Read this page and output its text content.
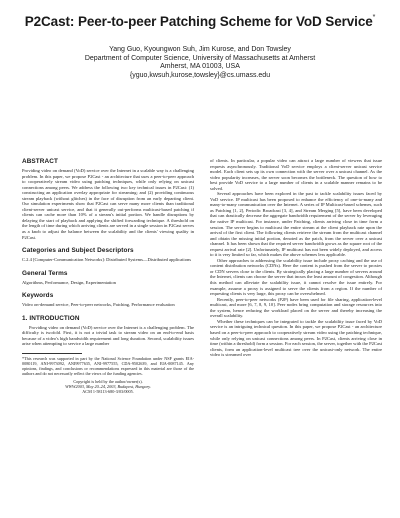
P2Cast: Peer-to-peer Patching Scheme for VoD Service*
Yang Guo, Kyoungwon Suh, Jim Kurose, and Don Towsley
Department of Computer Science, University of Massachusetts at Amherst
Amherst, MA 01003, USA
{yguo,kwsuh,kurose,towsley}@cs.umass.edu

ABSTRACT

Providing video on demand (VoD) service over the Internet in a scalable way is a challenging problem. In this paper, we propose P2Cast - an architecture that uses a peer-to-peer approach to cooperatively stream video using patching techniques, while only relying on unicast connections among peers. We address the following two key technical issues in P2Cast: (1) constructing an application overlay appropriate for streaming; and (2) providing continuous stream playback (without glitches) in the face of disruption from an early departing client. Our simulation experiments show that P2Cast can serve many more clients than traditional client-server unicast service, and that it generally out-performs multicast-based patching if clients can cache more than 10% of a stream's initial portion. We handle disruptions by delaying the start of playback and applying the shifted forwarding technique. A threshold on the length of time during which arriving clients are served in a single session in P2Cast serves as a knob to adjust the balance between the scalability and the clients' viewing quality in P2Cast.

Categories and Subject Descriptors

C.2.4 [Computer-Communication Networks]: Distributed Systems—Distributed applications

General Terms

Algorithms, Performance, Design, Experimentation

Keywords

Video on-demand service, Peer-to-peer networks, Patching, Performance evaluation

1. INTRODUCTION

Providing video on demand (VoD) service over the Internet is a challenging problem. The difficulty is twofold. First, it is not a trivial task to stream video on an end-to-end basis because of a video's high bandwidth requirement and long duration. Second, scalability issues arise when attempting to service a large number

*This research was supported in part by the National Science Foundation under NSF grants EIA-0080119, ANI-9973092, ANI9977635, ANI-9977555, CDA-9502639, and EIA-0087145. Any opinions, findings, and conclusions or recommendations expressed in this material are those of the authors and do not necessarily reflect the views of the funding agencies.

Copyright is held by the author/owner(s).

WWW2003, May 20–24, 2003, Budapest, Hungary.

ACM 1-58113-680-3/03/0005.

of clients. In particular, a popular video can attract a large number of viewers that issue requests asynchronously. Traditional VoD service employs a client-server unicast service model. Each client sets up its own connection with the server over a unicast channel. As the video popularity increases, the server soon becomes the bottleneck. The question of how to best provide VoD service to a large number of clients in a scalable manner remains to be solved.

Several approaches have been explored in the past to tackle scalability issues faced by VoD service. IP multicast has been proposed to enhance the efficiency of one-to-many and many-to-many communication over the Internet. A series of IP Multicast-based schemes, such as Patching [1, 2], Periodic Broadcast [3, 4], and Stream Merging [5], have been developed that can drastically decrease the aggregate bandwidth requirement of the server by leveraging the native IP multicast. For instance, under Patching, clients arriving close in time form a session. The server begins to multicast the entire stream at the client playback rate upon the arrival of the first client. The following clients retrieve the stream from the multicast channel and obtain the missing initial portion, denoted as the patch, from the server over a unicast channel. It has been shown that the required server bandwidth grows as the square root of the request arrival rate [2]. Unfortunately, IP multicast has not been widely deployed, and access to it is very limited so far, which makes the above schemes less applicable.

Other approaches to addressing the scalability issue include proxy caching and the use of content distribution networks (CDNs). Here the content is pushed from the server to proxies or CDN servers close to the clients. By strategically placing a large number of servers around the Internet, clients can choose the server that incurs the least amount of congestion. Although this method can alleviate the scalability issue, it cannot resolve the issue entirely. For example, assume a proxy is assigned to serve the clients from a region. If the number of requesting clients is very large, this proxy can be overwhelmed.

Recently, peer-to-peer networks (P2P) have been used for file sharing, application-level multicast, and more [6, 7, 8, 9, 10]. Peer nodes bring computation and storage resources into the system, hence reducing the workload placed on the server and thereby increasing the overall scalability.

Whether these techniques can be integrated to tackle the scalability issue faced by VoD service is an intriguing technical question. In this paper, we propose P2Cast - an architecture based on a peer-to-peer approach to cooperatively stream video using the patching technique, while only relying on unicast connections among peers. In P2Cast, clients arriving close in time (within a threshold) form a session. For each session, the server, together with the P2Cast clients, form an application-level multicast tree over the unicast-only network. The entire video is streamed over
